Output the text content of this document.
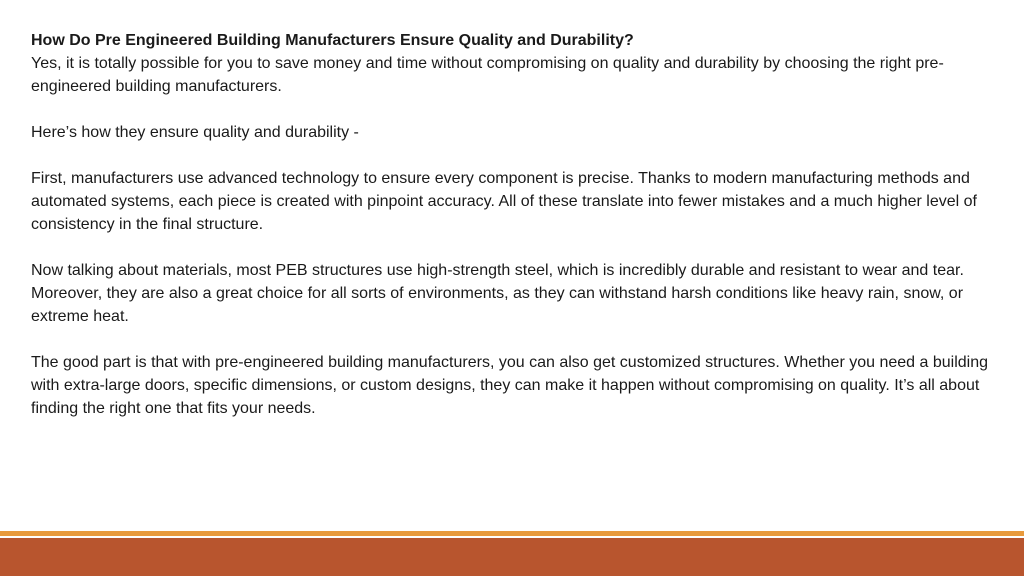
How Do Pre Engineered Building Manufacturers Ensure Quality and Durability?

Yes, it is totally possible for you to save money and time without compromising on quality and durability by choosing the right pre-engineered building manufacturers.

Here’s how they ensure quality and durability -

First, manufacturers use advanced technology to ensure every component is precise. Thanks to modern manufacturing methods and automated systems, each piece is created with pinpoint accuracy. All of these translate into fewer mistakes and a much higher level of consistency in the final structure.

Now talking about materials, most PEB structures use high-strength steel, which is incredibly durable and resistant to wear and tear. Moreover, they are also a great choice for all sorts of environments, as they can withstand harsh conditions like heavy rain, snow, or extreme heat.

The good part is that with pre-engineered building manufacturers, you can also get customized structures. Whether you need a building with extra-large doors, specific dimensions, or custom designs, they can make it happen without compromising on quality. It’s all about finding the right one that fits your needs.
